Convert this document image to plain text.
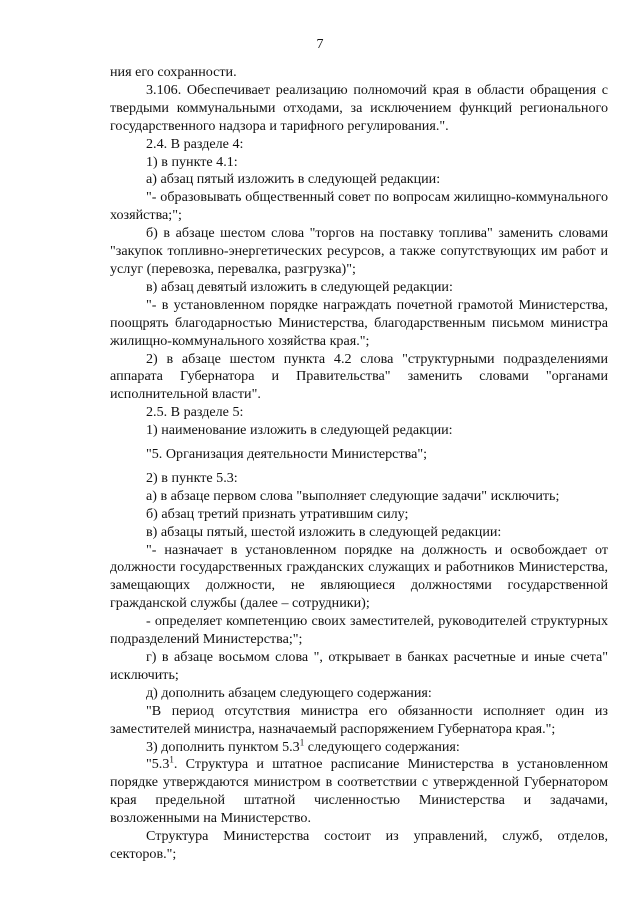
7

ния его сохранности.

3.106. Обеспечивает реализацию полномочий края в области обращения с твердыми коммунальными отходами, за исключением функций регионального государственного надзора и тарифного регулирования.".

2.4. В разделе 4:

1) в пункте 4.1:

а) абзац пятый изложить в следующей редакции:

"- образовывать общественный совет по вопросам жилищно-коммунального хозяйства;";

б) в абзаце шестом слова "торгов на поставку топлива" заменить словами "закупок топливно-энергетических ресурсов, а также сопутствующих им работ и услуг (перевозка, перевалка, разгрузка)";

в) абзац девятый изложить в следующей редакции:

"- в установленном порядке награждать почетной грамотой Министерства, поощрять благодарностью Министерства, благодарственным письмом министра жилищно-коммунального хозяйства края.";

2) в абзаце шестом пункта 4.2 слова "структурными подразделениями аппарата Губернатора и Правительства" заменить словами "органами исполнительной власти".

2.5. В разделе 5:

1) наименование изложить в следующей редакции:

"5. Организация деятельности Министерства";

2) в пункте 5.3:

а) в абзаце первом слова "выполняет следующие задачи" исключить;

б) абзац третий признать утратившим силу;

в) абзацы пятый, шестой изложить в следующей редакции:

"- назначает в установленном порядке на должность и освобождает от должности государственных гражданских служащих и работников Министерства, замещающих должности, не являющиеся должностями государственной гражданской службы (далее – сотрудники);

- определяет компетенцию своих заместителей, руководителей структурных подразделений Министерства;";

г) в абзаце восьмом слова ", открывает в банках расчетные и иные счета" исключить;

д) дополнить абзацем следующего содержания:

"В период отсутствия министра его обязанности исполняет один из заместителей министра, назначаемый распоряжением Губернатора края.";

3) дополнить пунктом $5.3^1$ следующего содержания:

"$5.3^1$. Структура и штатное расписание Министерства в установленном порядке утверждаются министром в соответствии с утвержденной Губернатором края предельной штатной численностью Министерства и задачами, возложенными на Министерство.

Структура Министерства состоит из управлений, служб, отделов, секторов.";
